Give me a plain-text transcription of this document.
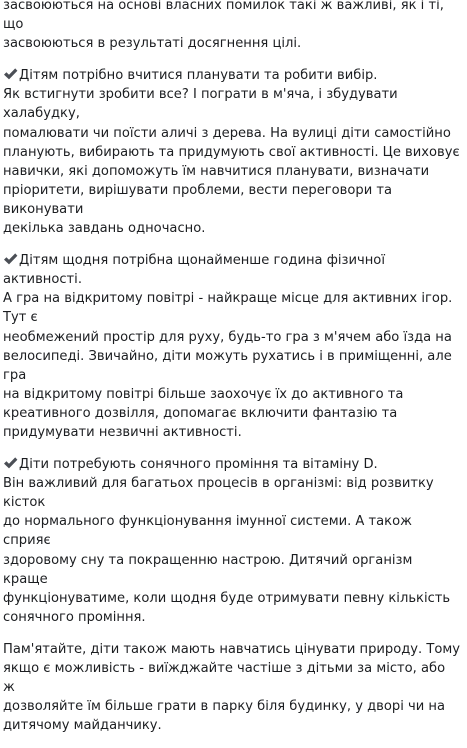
засвоюються на основі власних помилок такі ж важливі, як і ті, що
засвоюються в результаті досягнення цілі.
Дітям потрібно вчитися планувати та робити вибір.
Як встигнути зробити все? І пограти в м'яча, і збудувати халабудку,
помалювати чи поїсти аличі з дерева. На вулиці діти самостійно
планують, вибирають та придумують свої активності. Це виховує
навички, які допоможуть їм навчитися планувати, визначати
пріоритети, вирішувати проблеми, вести переговори та виконувати
декілька завдань одночасно.
Дітям щодня потрібна щонайменше година фізичної активності.
А гра на відкритому повітрі - найкраще місце для активних ігор. Тут є
необмежений простір для руху, будь-то гра з м'ячем або їзда на
велосипеді. Звичайно, діти можуть рухатись і в приміщенні, але гра
на відкритому повітрі більше заохочує їх до активного та
креативного дозвілля, допомагає включити фантазію та
придумувати незвичні активності.
Діти потребують сонячного проміння та вітаміну D.
Він важливий для багатьох процесів в організмі: від розвитку кісток
до нормального функціонування імунної системи. А також сприяє
здоровому сну та покращенню настрою. Дитячий організм краще
функціонуватиме, коли щодня буде отримувати певну кількість
сонячного проміння.
Пам'ятайте, діти також мають навчатись цінувати природу. Тому
якщо є можливість - виїжджайте частіше з дітьми за місто, або ж
дозволяйте їм більше грати в парку біля будинку, у дворі чи на
дитячому майданчику.
